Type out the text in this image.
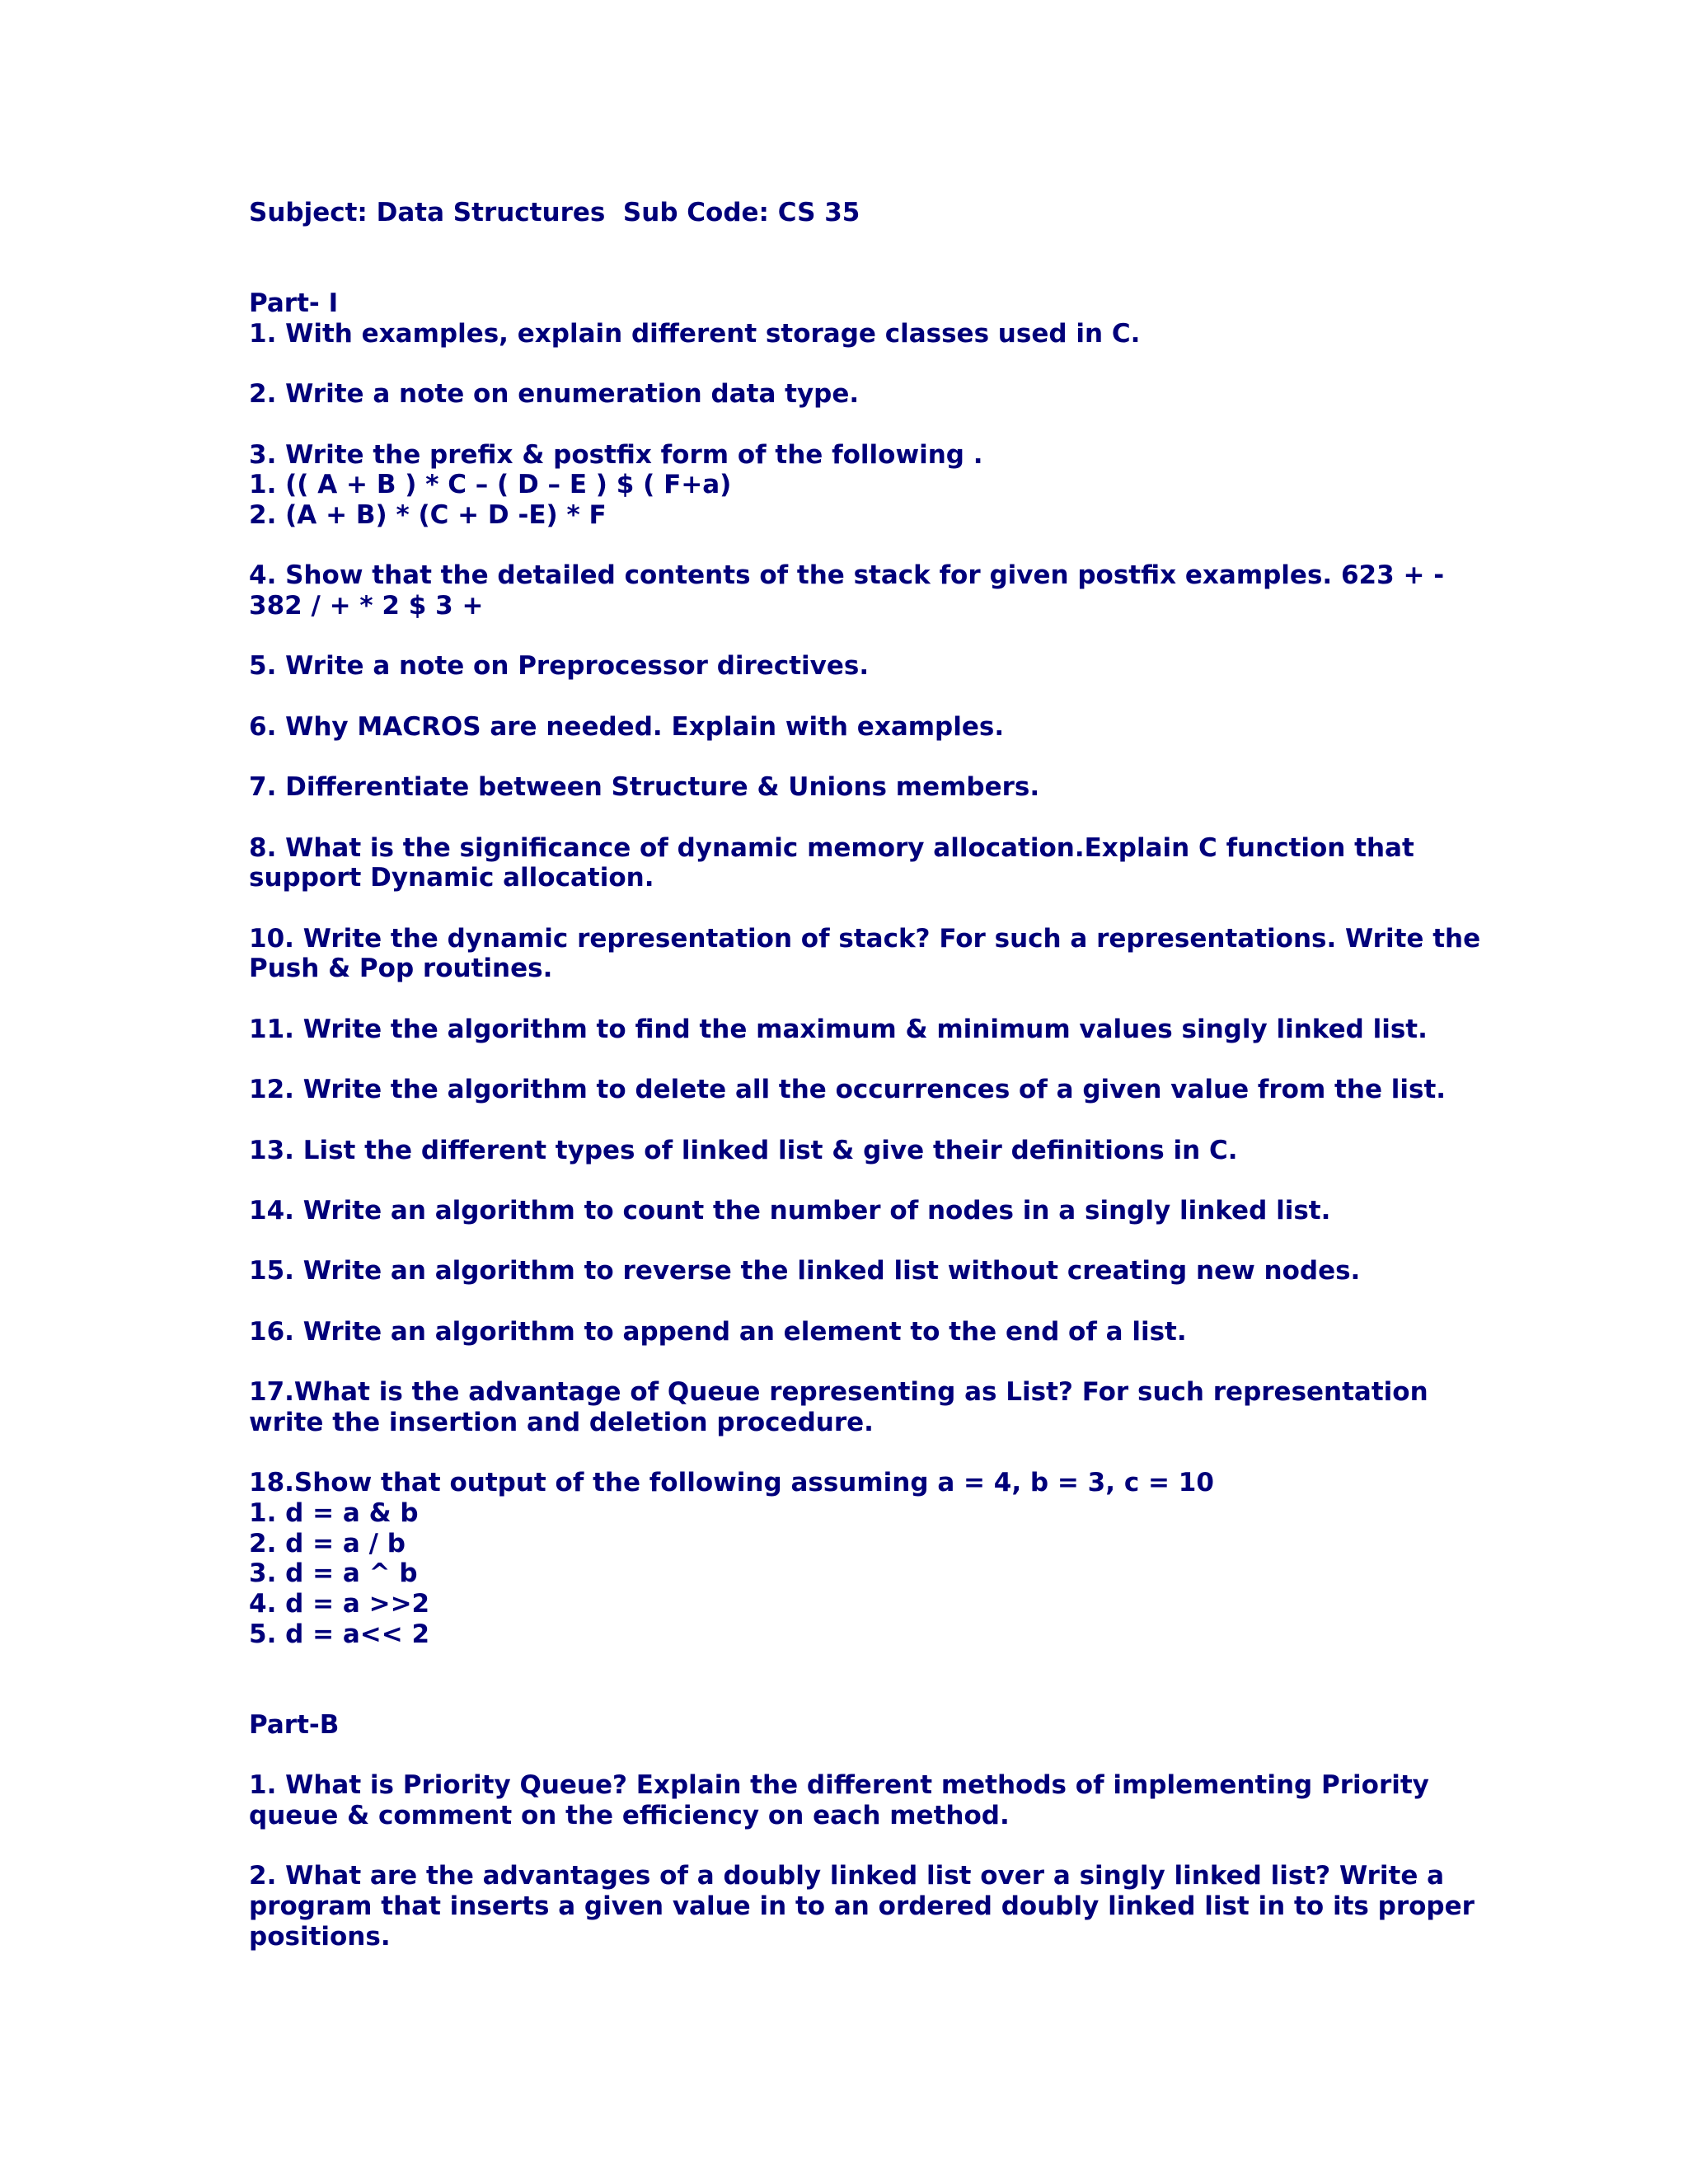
Subject: Data Structures  Sub Code: CS 35
Part- I
1. With examples, explain different storage classes used in C.
2. Write a note on enumeration data type.
3. Write the prefix & postfix form of the following .
1. (( A + B ) * C – ( D – E ) $ ( F+a)
2. (A + B) * (C + D -E) * F
4. Show that the detailed contents of the stack for given postfix examples. 623 + -
382 / + * 2 $ 3 +
5. Write a note on Preprocessor directives.
6. Why MACROS are needed. Explain with examples.
7. Differentiate between Structure & Unions members.
8. What is the significance of dynamic memory allocation.Explain C function that
support Dynamic allocation.
10. Write the dynamic representation of stack? For such a representations. Write the
Push & Pop routines.
11. Write the algorithm to find the maximum & minimum values singly linked list.
12. Write the algorithm to delete all the occurrences of a given value from the list.
13. List the different types of linked list & give their definitions in C.
14. Write an algorithm to count the number of nodes in a singly linked list.
15. Write an algorithm to reverse the linked list without creating new nodes.
16. Write an algorithm to append an element to the end of a list.
17.What is the advantage of Queue representing as List? For such representation
write the insertion and deletion procedure.
18.Show that output of the following assuming a = 4, b = 3, c = 10
1. d = a & b
2. d = a / b
3. d = a ^ b
4. d = a >>2
5. d = a<< 2
Part-B
1. What is Priority Queue? Explain the different methods of implementing Priority
queue & comment on the efficiency on each method.
2. What are the advantages of a doubly linked list over a singly linked list? Write a
program that inserts a given value in to an ordered doubly linked list in to its proper
positions.
